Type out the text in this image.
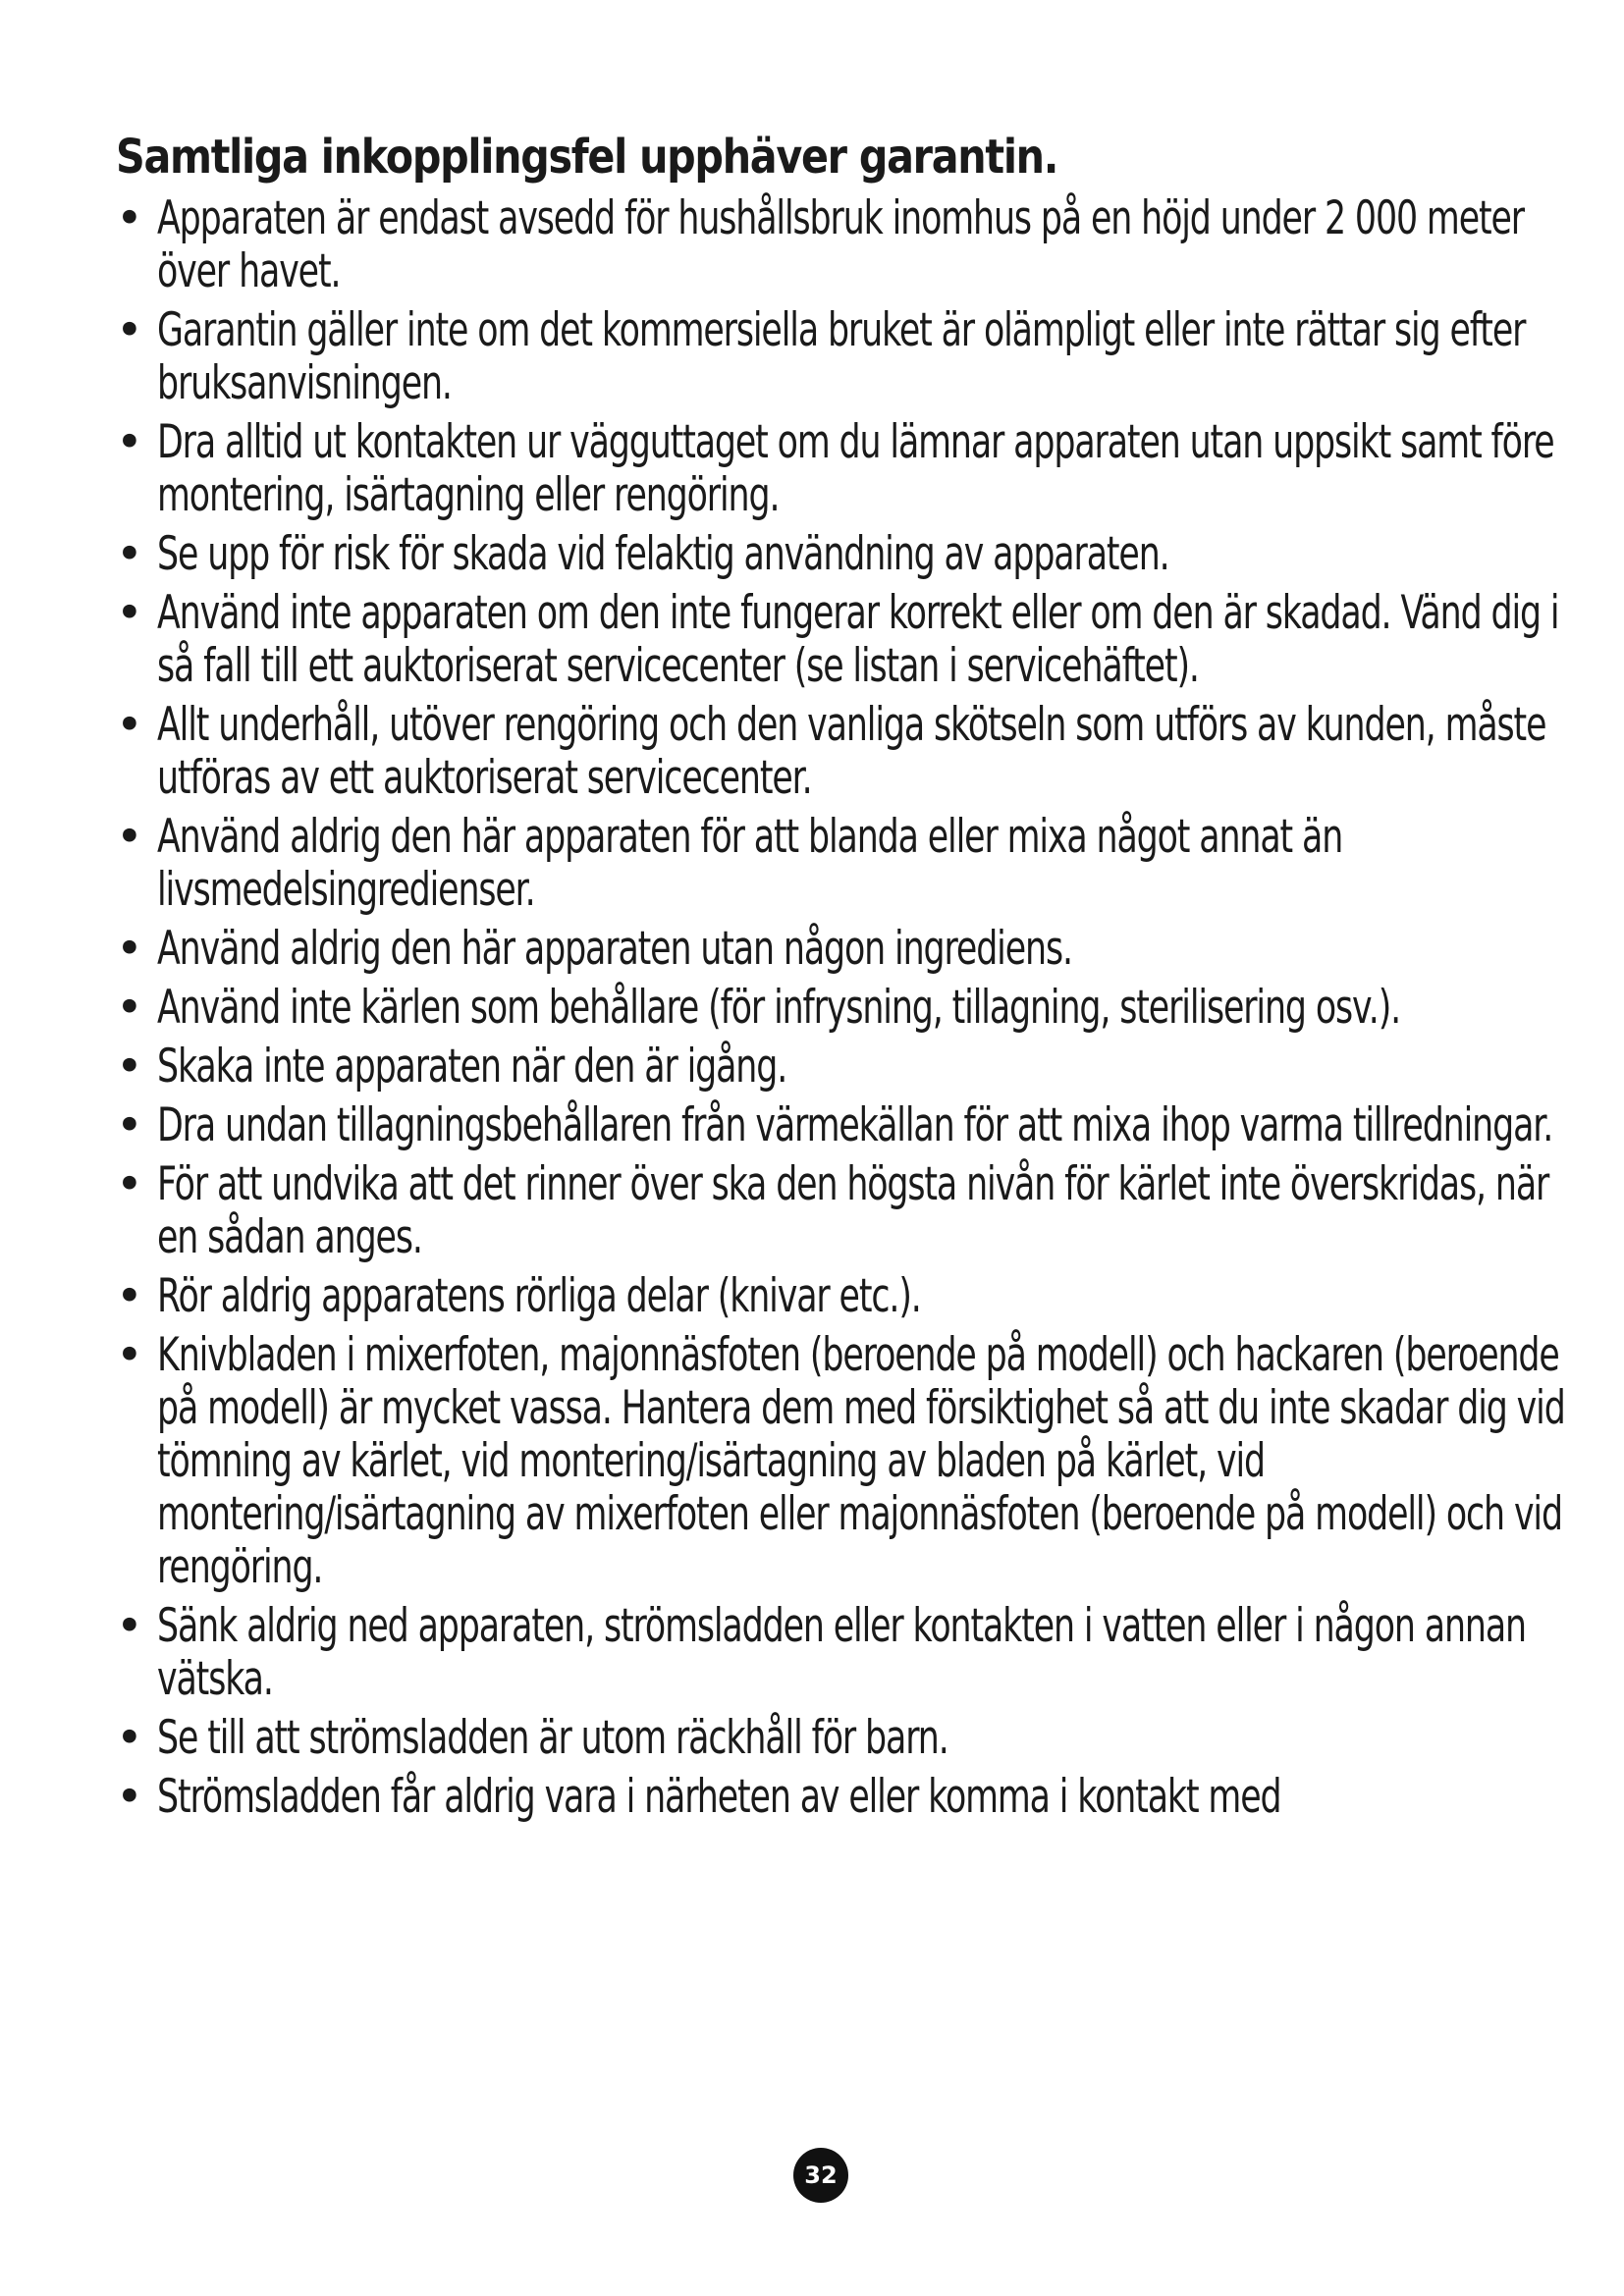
Samtliga inkopplingsfel upphäver garantin.
• Apparaten är endast avsedd för hushållsbruk inomhus på en höjd under 2 000 meter över havet.
• Garantin gäller inte om det kommersiella bruket är olämpligt eller inte rättar sig efter bruksanvisningen.
• Dra alltid ut kontakten ur vägguttaget om du lämnar apparaten utan uppsikt samt före montering, isärtagning eller rengöring.
• Se upp för risk för skada vid felaktig användning av apparaten.
• Använd inte apparaten om den inte fungerar korrekt eller om den är skadad. Vänd dig i så fall till ett auktoriserat servicecenter (se listan i servicehäftet).
• Allt underhåll, utöver rengöring och den vanliga skötseln som utförs av kunden, måste utföras av ett auktoriserat servicecenter.
• Använd aldrig den här apparaten för att blanda eller mixa något annat än livsmedelsingredienser.
• Använd aldrig den här apparaten utan någon ingrediens.
• Använd inte kärlen som behållare (för infrysning, tillagning, sterilisering osv.).
• Skaka inte apparaten när den är igång.
• Dra undan tillagningsbehållaren från värmekällan för att mixa ihop varma tillredningar.
• För att undvika att det rinner över ska den högsta nivån för kärlet inte överskridas, när en sådan anges.
• Rör aldrig apparatens rörliga delar (knivar etc.).
• Knivbladen i mixerfoten, majonnäsfoten (beroende på modell) och hackaren (beroende på modell) är mycket vassa. Hantera dem med försiktighet så att du inte skadar dig vid tömning av kärlet, vid montering/isärtagning av bladen på kärlet, vid montering/isärtagning av mixerfoten eller majonnäsfoten (beroende på modell) och vid rengöring.
• Sänk aldrig ned apparaten, strömsladden eller kontakten i vatten eller i någon annan vätska.
• Se till att strömsladden är utom räckhåll för barn.
• Strömsladden får aldrig vara i närheten av eller komma i kontakt med
32
